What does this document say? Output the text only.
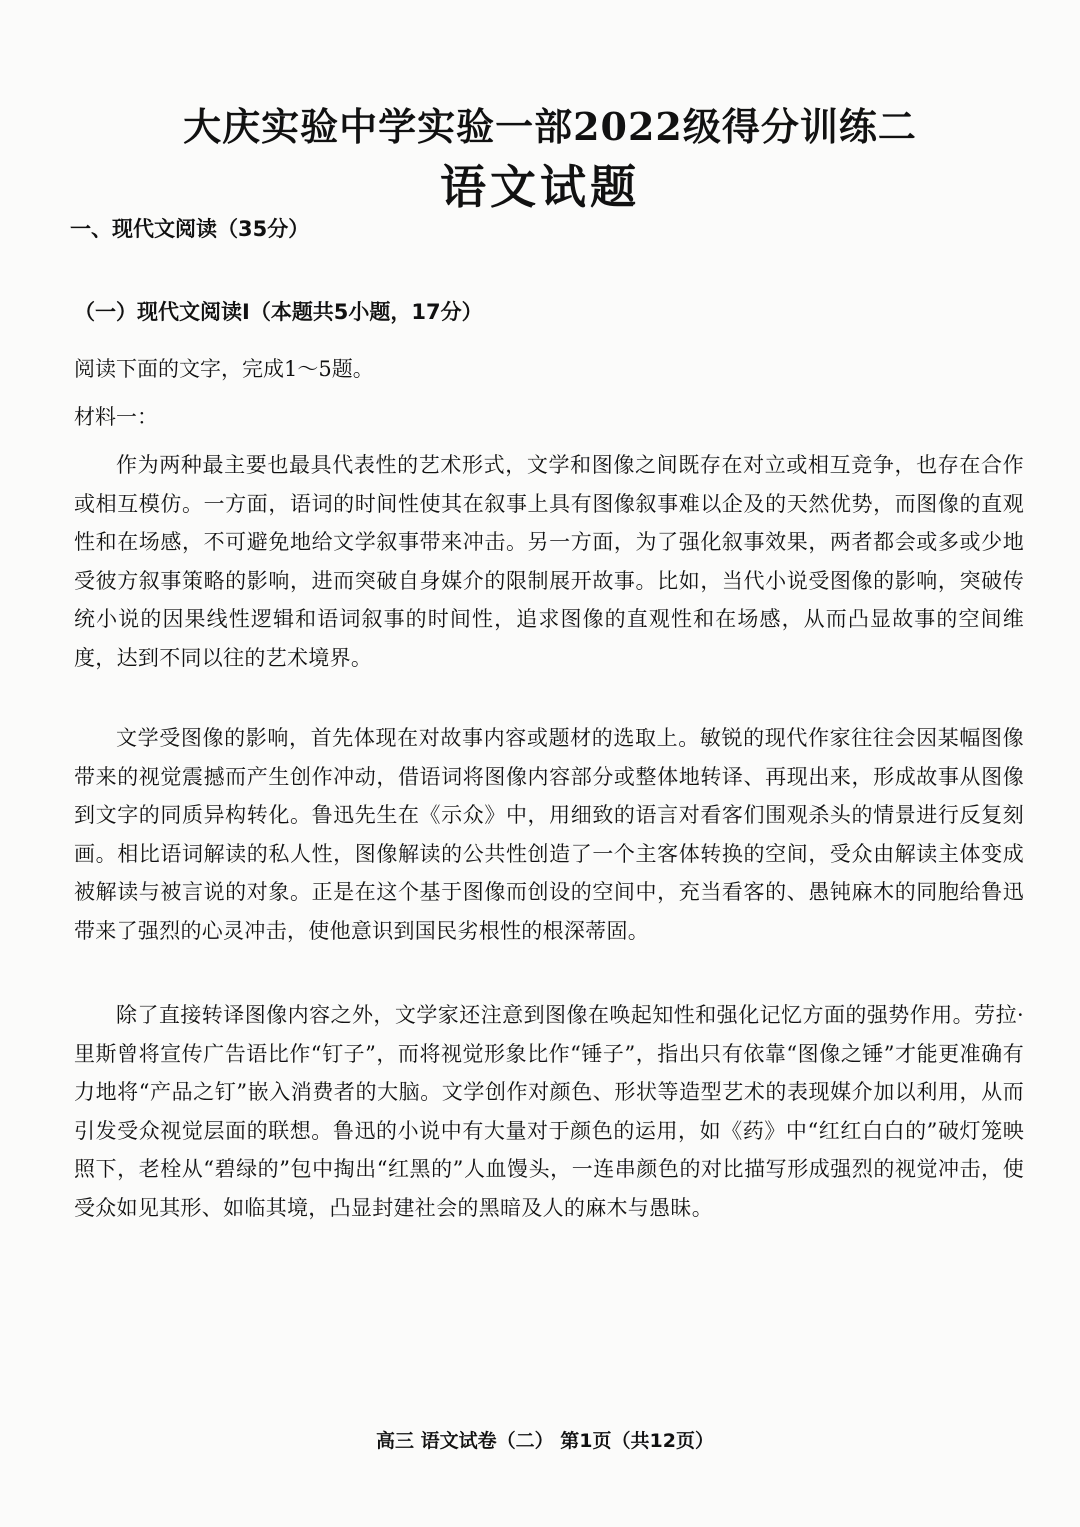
大庆实验中学实验一部2022级得分训练二
语文试题
一、现代文阅读（35分）
（一）现代文阅读Ⅰ（本题共5小题，17分）
阅读下面的文字，完成1～5题。
材料一：

作为两种最主要也最具代表性的艺术形式，文学和图像之间既存在对立或相互竞争，也存在合作或相互模仿。一方面，语词的时间性使其在叙事上具有图像叙事难以企及的天然优势，而图像的直观性和在场感，不可避免地给文学叙事带来冲击。另一方面，为了强化叙事效果，两者都会或多或少地受彼方叙事策略的影响，进而突破自身媒介的限制展开故事。比如，当代小说受图像的影响，突破传统小说的因果线性逻辑和语词叙事的时间性，追求图像的直观性和在场感，从而凸显故事的空间维度，达到不同以往的艺术境界。

文学受图像的影响，首先体现在对故事内容或题材的选取上。敏锐的现代作家往往会因某幅图像带来的视觉震撼而产生创作冲动，借语词将图像内容部分或整体地转译、再现出来，形成故事从图像到文字的同质异构转化。鲁迅先生在《示众》中，用细致的语言对看客们围观杀头的情景进行反复刻画。相比语词解读的私人性，图像解读的公共性创造了一个主客体转换的空间，受众由解读主体变成被解读与被言说的对象。正是在这个基于图像而创设的空间中，充当看客的、愚钝麻木的同胞给鲁迅带来了强烈的心灵冲击，使他意识到国民劣根性的根深蒂固。

除了直接转译图像内容之外，文学家还注意到图像在唤起知性和强化记忆方面的强势作用。劳拉·里斯曾将宣传广告语比作“钉子”，而将视觉形象比作“锤子”，指出只有依靠“图像之锤”才能更准确有力地将“产品之钉”嵌入消费者的大脑。文学创作对颜色、形状等造型艺术的表现媒介加以利用，从而引发受众视觉层面的联想。鲁迅的小说中有大量对于颜色的运用，如《药》中“红红白白的”破灯笼映照下，老栓从“碧绿的”包中掏出“红黑的”人血馒头，一连串颜色的对比描写形成强烈的视觉冲击，使受众如见其形、如临其境，凸显封建社会的黑暗及人的麻木与愚昧。

高三 语文试卷（二） 第1页（共12页）
